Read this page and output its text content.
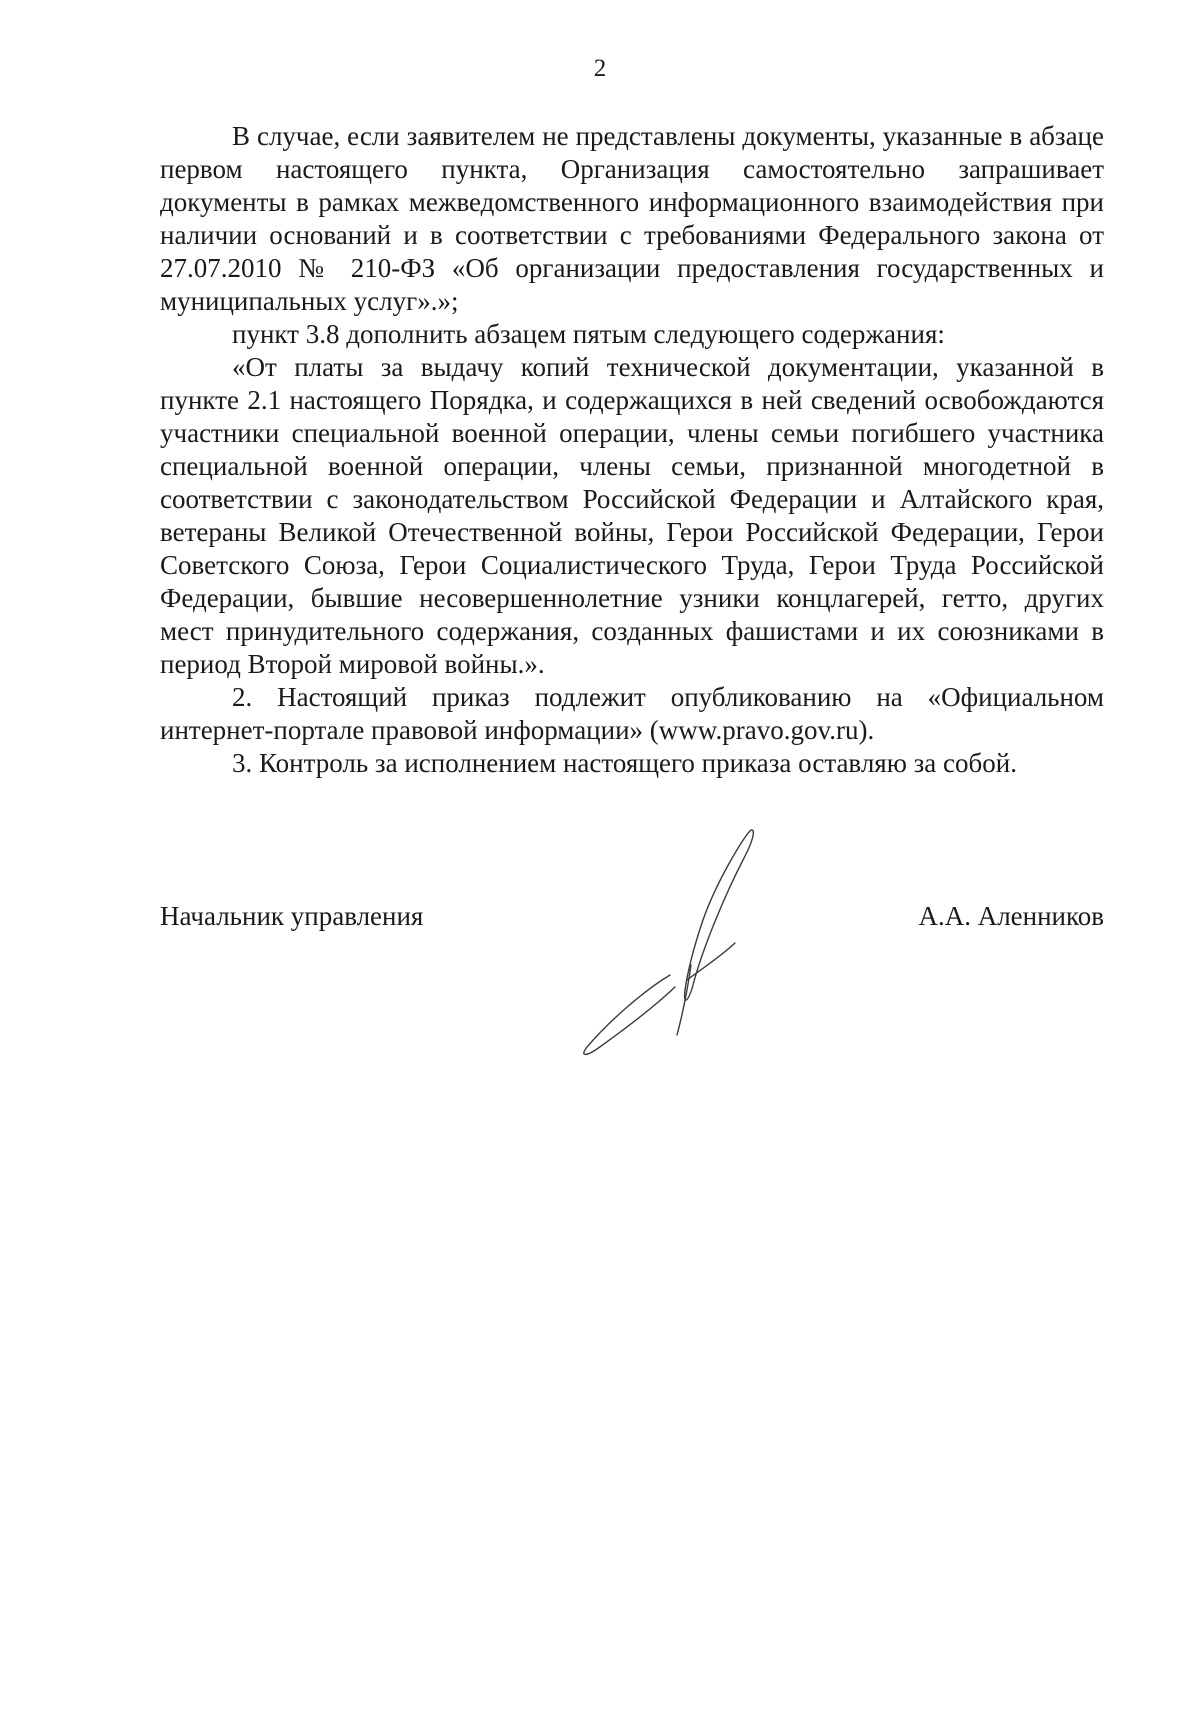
2

В случае, если заявителем не представлены документы, указанные в абзаце первом настоящего пункта, Организация самостоятельно запрашивает документы в рамках межведомственного информационного взаимодействия при наличии оснований и в соответствии с требованиями Федерального закона от 27.07.2010 № 210-ФЗ «Об организации предоставления государственных и муниципальных услуг».»;

пункт 3.8 дополнить абзацем пятым следующего содержания:

«От платы за выдачу копий технической документации, указанной в пункте 2.1 настоящего Порядка, и содержащихся в ней сведений освобождаются участники специальной военной операции, члены семьи погибшего участника специальной военной операции, члены семьи, признанной многодетной в соответствии с законодательством Российской Федерации и Алтайского края, ветераны Великой Отечественной войны, Герои Российской Федерации, Герои Советского Союза, Герои Социалистического Труда, Герои Труда Российской Федерации, бывшие несовершеннолетние узники концлагерей, гетто, других мест принудительного содержания, созданных фашистами и их союзниками в период Второй мировой войны.».

2. Настоящий приказ подлежит опубликованию на «Официальном интернет-портале правовой информации» (www.pravo.gov.ru).

3. Контроль за исполнением настоящего приказа оставляю за собой.

Начальник управления	А.А. Аленников
